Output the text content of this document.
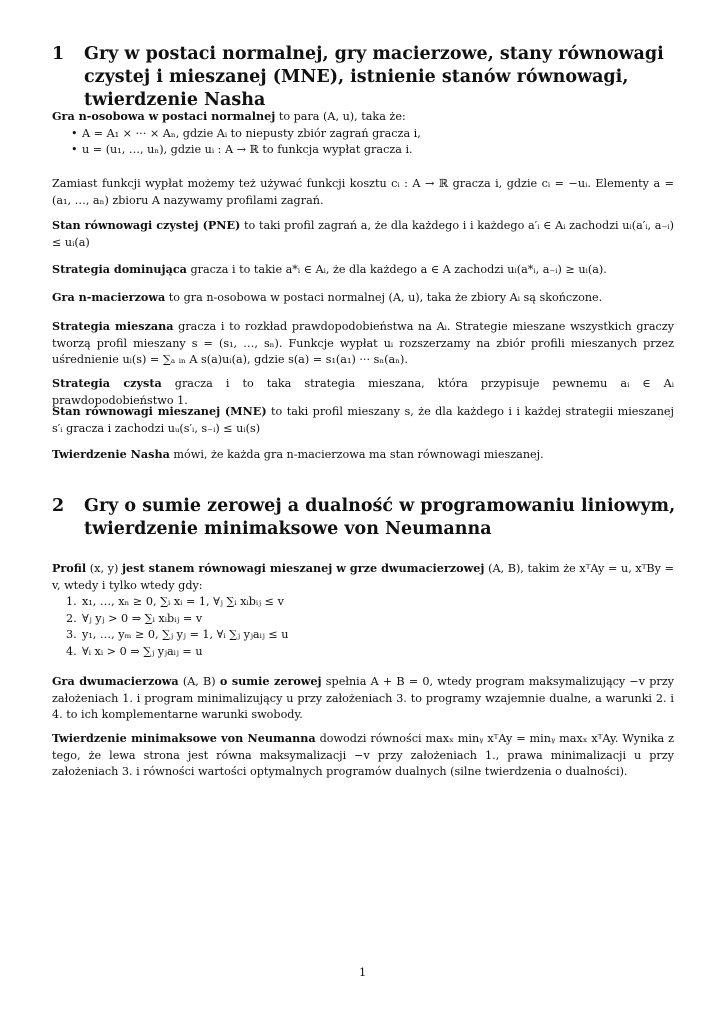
1 Gry w postaci normalnej, gry macierzowe, stany równowagi czystej i mieszanej (MNE), istnienie stanów równowagi, twierdzenie Nasha
Gra n-osobowa w postaci normalnej to para (A, u), taka że:
• A = A₁ × ··· × Aₙ, gdzie Aᵢ to niepusty zbiór zagrań gracza i,
• u = (u₁, …, uₙ), gdzie uᵢ : A → ℝ to funkcja wypłat gracza i.

Zamiast funkcji wypłat możemy też używać funkcji kosztu cᵢ : A → ℝ gracza i, gdzie cᵢ = −uᵢ. Elementy a = (a₁, …, aₙ) zbioru A nazywamy profilami zagrań.

Stan równowagi czystej (PNE) to taki profil zagrań a, że dla każdego i i każdego a′ᵢ ∈ Aᵢ zachodzi uᵢ(a′ᵢ, a₋ᵢ) ≤ uᵢ(a)

Strategia dominująca gracza i to takie a*ᵢ ∈ Aᵢ, że dla każdego a ∈ A zachodzi uᵢ(a*ᵢ, a₋ᵢ) ≥ uᵢ(a).

Gra n-macierzowa to gra n-osobowa w postaci normalnej (A, u), taka że zbiory Aᵢ są skończone.

Strategia mieszana gracza i to rozkład prawdopodobieństwa na Aᵢ. Strategie mieszane wszystkich graczy tworzą profil mieszany s = (s₁, …, sₙ). Funkcje wypłat uᵢ rozszerzamy na zbiór profili mieszanych przez uśrednienie uᵢ(s) = ∑ₐ ᵢₙ A s(a)uᵢ(a), gdzie s(a) = s₁(a₁) ··· sₙ(aₙ).

Strategia czysta gracza i to taka strategia mieszana, która przypisuje pewnemu aᵢ ∈ Aᵢ prawdopodobieństwo 1.

Stan równowagi mieszanej (MNE) to taki profil mieszany s, że dla każdego i i każdej strategii mieszanej s′ᵢ gracza i zachodzi uᵤ(s′ᵢ, s₋ᵢ) ≤ uᵢ(s)

Twierdzenie Nasha mówi, że każda gra n-macierzowa ma stan równowagi mieszanej.

2 Gry o sumie zerowej a dualność w programowaniu liniowym, twierdzenie minimaksowe von Neumanna
Profil (x, y) jest stanem równowagi mieszanej w grze dwumacierzowej (A, B), takim że xᵀAy = u, xᵀBy = v, wtedy i tylko wtedy gdy:
1. x₁, …, xₙ ≥ 0, ∑ᵢ xᵢ = 1, ∀ⱼ ∑ᵢ xᵢbᵢⱼ ≤ v
2. ∀ⱼ yⱼ > 0 ⇒ ∑ᵢ xᵢbᵢⱼ = v
3. y₁, …, yₘ ≥ 0, ∑ⱼ yⱼ = 1, ∀ᵢ ∑ⱼ yⱼaᵢⱼ ≤ u
4. ∀ᵢ xᵢ > 0 ⇒ ∑ⱼ yⱼaᵢⱼ = u

Gra dwumacierzowa (A, B) o sumie zerowej spełnia A + B = 0, wtedy program maksymalizujący −v przy założeniach 1. i program minimalizujący u przy założeniach 3. to programy wzajemnie dualne, a warunki 2. i 4. to ich komplementarne warunki swobody.

Twierdzenie minimaksowe von Neumanna dowodzi równości maxₓ minᵧ xᵀAy = minᵧ maxₓ xᵀAy. Wynika z tego, że lewa strona jest równa maksymalizacji −v przy założeniach 1., prawa minimalizacji u przy założeniach 3. i równości wartości optymalnych programów dualnych (silne twierdzenia o dualności).

1
